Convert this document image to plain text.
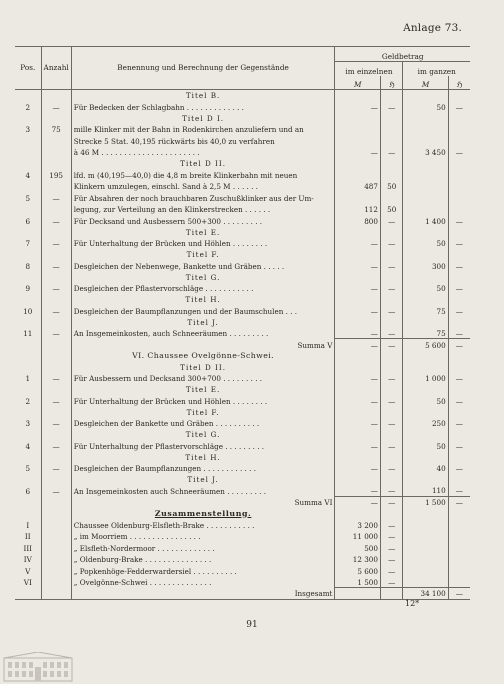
Anlage 73.
Pos.	Anzahl	Benennung und Berechnung der Gegenstände	Geldbetrag			
			im einzelnen		im ganzen	
			M	ℌ	M	ℌ
		Titel B.				
2	—	Für Bedecken der Schlagbahn . . . . . . . . . . . . .	—	—	50	—
		Titel D I.				
3	75	mille Klinker mit der Bahn in Rodenkirchen anzuliefern und an				
		Strecke 5 Stat. 40,195 rückwärts bis 40,0 zu verfahren				
		à 46 M . . . . . . . . . . . . . . . . . . . . . .	—	—	3 450	—
		Titel D II.				
4	195	lfd. m (40,195—40,0) die 4,8 m breite Klinkerbahn mit neuen				
		Klinkern umzulegen, einschl. Sand à 2,5 M . . . . . .	487	50		
5	—	Für Absahren der noch brauchbaren Zuschußklinker aus der Um-				
		legung, zur Verteilung an den Klinkerstrecken . . . . . .	112	50		
6	—	Für Decksand und Ausbessern 500+300 . . . . . . . . .	800	—	1 400	—
		Titel E.				
7	—	Für Unterhaltung der Brücken und Höhlen . . . . . . . .	—	—	50	—
		Titel F.				
8	—	Desgleichen der Nebenwege, Bankette und Gräben . . . . .	—	—	300	—
		Titel G.				
9	—	Desgleichen der Pflastervorschläge . . . . . . . . . . .	—	—	50	—
		Titel H.				
10	—	Desgleichen der Baumpflanzungen und der Baumschulen . . .	—	—	75	—
		Titel J.				
11	—	An Insgemeinkosten, auch Schneeräumen . . . . . . . . .	—	—	75	—
		Summa V	—	—	5 600	—
		VI. Chaussee Ovelgönne-Schwei.				
		Titel D II.				
1	—	Für Ausbessern und Decksand 300+700 . . . . . . . . .	—	—	1 000	—
		Titel E.				
2	—	Für Unterhaltung der Brücken und Höhlen . . . . . . . .	—	—	50	—
		Titel F.				
3	—	Desgleichen der Bankette und Gräben . . . . . . . . . .	—	—	250	—
		Titel G.				
4	—	Für Unterhaltung der Pflastervorschläge . . . . . . . . .	—	—	50	—
		Titel H.				
5	—	Desgleichen der Baumpflanzungen . . . . . . . . . . . .	—	—	40	—
		Titel J.				
6	—	An Insgemeinkosten auch Schneeräumen . . . . . . . . .	—	—	110	—
		Summa VI	—	—	1 500	—
		Zusammenstellung.				
I		Chaussee Oldenburg-Elsfleth-Brake . . . . . . . . . . .	3 200	—		
II		„ im Moorriem . . . . . . . . . . . . . . . .	11 000	—		
III		„ Elsfleth-Nordermoor . . . . . . . . . . . . .	500	—		
IV		„ Oldenburg-Brake . . . . . . . . . . . . . . .	12 300	—		
V		„ Popkenhöge-Fedderwardersiel . . . . . . . . . .	5 600	—		
VI		„ Ovelgönne-Schwei . . . . . . . . . . . . . .	1 500	—		
		Insgesamt			34 100	—

12*
91
